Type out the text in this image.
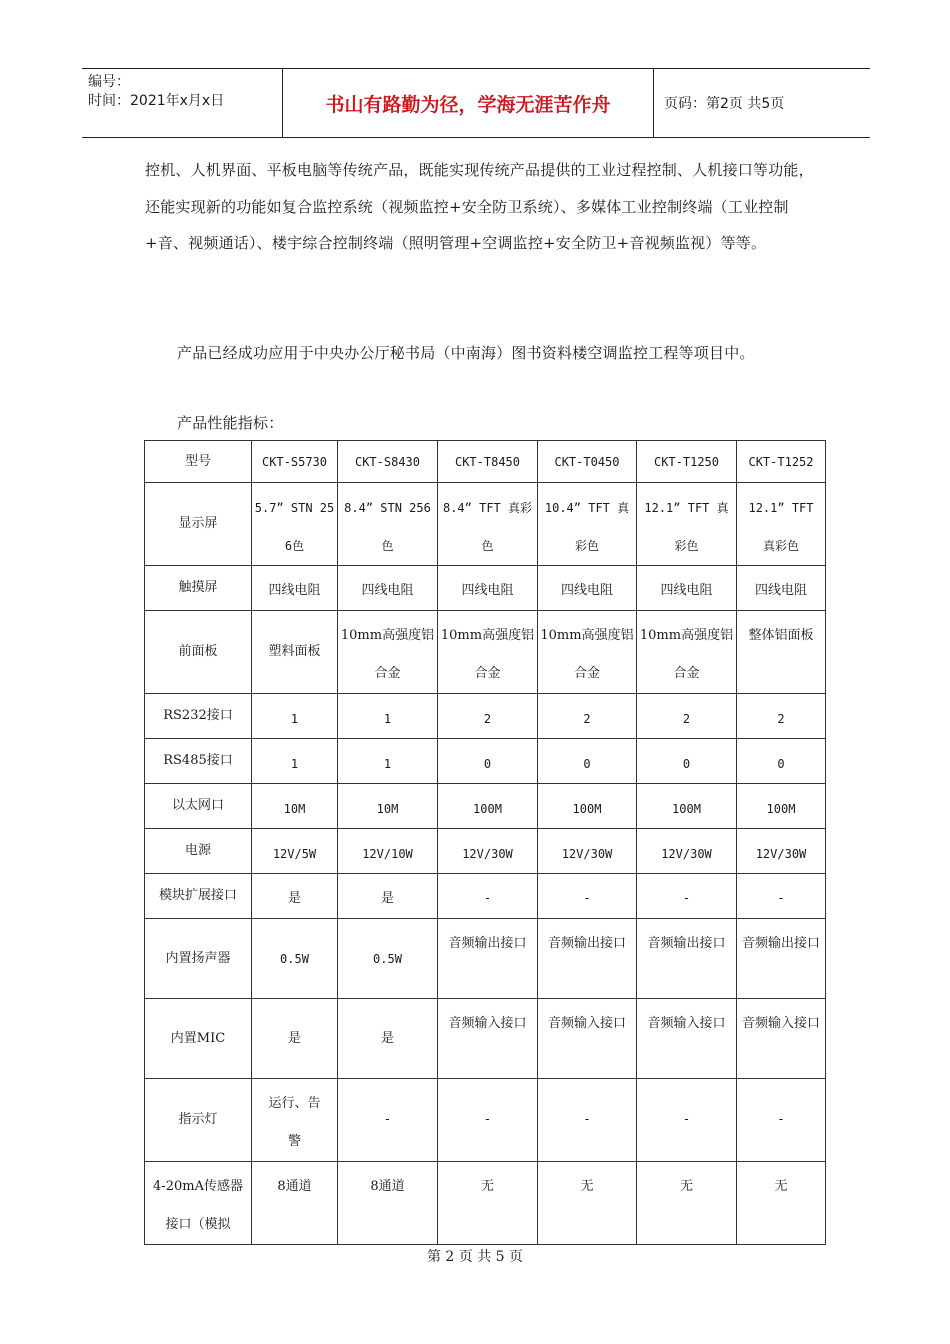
编号：
时间：2021年x月x日	书山有路勤为径，学海无涯苦作舟	页码：第2页 共5页
控机、人机界面、平板电脑等传统产品，既能实现传统产品提供的工业过程控制、人机接口等功能，还能实现新的功能如复合监控系统（视频监控+安全防卫系统）、多媒体工业控制终端（工业控制+音、视频通话）、楼宇综合控制终端（照明管理+空调监控+安全防卫+音视频监视）等等。
产品已经成功应用于中央办公厅秘书局（中南海）图书资料楼空调监控工程等项目中。
产品性能指标：
型号	CKT-S5730	CKT-S8430	CKT-T8450	CKT-T0450	CKT-T1250	CKT-T1252
显示屏	5.7” STN 256色	8.4” STN 256色	8.4” TFT 真彩色	10.4” TFT 真彩色	12.1” TFT 真彩色	12.1” TFT 真彩色
触摸屏	四线电阻	四线电阻	四线电阻	四线电阻	四线电阻	四线电阻
前面板	塑料面板	10mm高强度铝合金	10mm高强度铝合金	10mm高强度铝合金	10mm高强度铝合金	整体铝面板
RS232接口	1	1	2	2	2	2
RS485接口	1	1	0	0	0	0
以太网口	10M	10M	100M	100M	100M	100M
电源	12V/5W	12V/10W	12V/30W	12V/30W	12V/30W	12V/30W
模块扩展接口	是	是	-	-	-	-
内置扬声器	0.5W	0.5W	音频输出接口	音频输出接口	音频输出接口	音频输出接口
内置MIC	是	是	音频输入接口	音频输入接口	音频输入接口	音频输入接口
指示灯	运行、告警	-	-	-	-	-
4-20mA传感器接口（模拟	8通道	8通道	无	无	无	无
第 2 页 共 5 页
